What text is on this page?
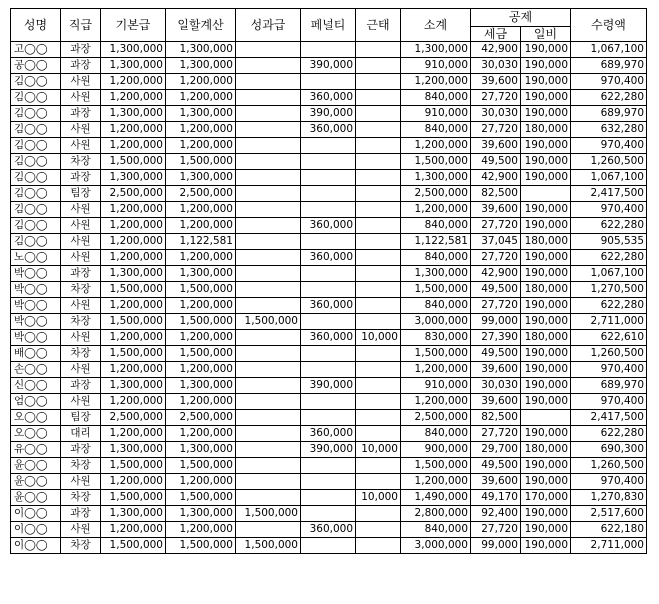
성명	직급	기본급	일할계산	성과급	페널티	근태	소계	공제		수령액
								세금	일비	
고◯◯	과장	1,300,000	1,300,000				1,300,000	42,900	190,000	1,067,100
공◯◯	과장	1,300,000	1,300,000		390,000		910,000	30,030	190,000	689,970
김◯◯	사원	1,200,000	1,200,000				1,200,000	39,600	190,000	970,400
김◯◯	사원	1,200,000	1,200,000		360,000		840,000	27,720	190,000	622,280
김◯◯	과장	1,300,000	1,300,000		390,000		910,000	30,030	190,000	689,970
김◯◯	사원	1,200,000	1,200,000		360,000		840,000	27,720	180,000	632,280
김◯◯	사원	1,200,000	1,200,000				1,200,000	39,600	190,000	970,400
김◯◯	차장	1,500,000	1,500,000				1,500,000	49,500	190,000	1,260,500
김◯◯	과장	1,300,000	1,300,000				1,300,000	42,900	190,000	1,067,100
김◯◯	팀장	2,500,000	2,500,000				2,500,000	82,500		2,417,500
김◯◯	사원	1,200,000	1,200,000				1,200,000	39,600	190,000	970,400
김◯◯	사원	1,200,000	1,200,000		360,000		840,000	27,720	190,000	622,280
김◯◯	사원	1,200,000	1,122,581				1,122,581	37,045	180,000	905,535
노◯◯	사원	1,200,000	1,200,000		360,000		840,000	27,720	190,000	622,280
박◯◯	과장	1,300,000	1,300,000				1,300,000	42,900	190,000	1,067,100
박◯◯	차장	1,500,000	1,500,000				1,500,000	49,500	180,000	1,270,500
박◯◯	사원	1,200,000	1,200,000		360,000		840,000	27,720	190,000	622,280
박◯◯	차장	1,500,000	1,500,000	1,500,000			3,000,000	99,000	190,000	2,711,000
박◯◯	사원	1,200,000	1,200,000		360,000	10,000	830,000	27,390	180,000	622,610
배◯◯	차장	1,500,000	1,500,000				1,500,000	49,500	190,000	1,260,500
손◯◯	사원	1,200,000	1,200,000				1,200,000	39,600	190,000	970,400
신◯◯	과장	1,300,000	1,300,000		390,000		910,000	30,030	190,000	689,970
엄◯◯	사원	1,200,000	1,200,000				1,200,000	39,600	190,000	970,400
오◯◯	팀장	2,500,000	2,500,000				2,500,000	82,500		2,417,500
오◯◯	대리	1,200,000	1,200,000		360,000		840,000	27,720	190,000	622,280
유◯◯	과장	1,300,000	1,300,000		390,000	10,000	900,000	29,700	180,000	690,300
윤◯◯	차장	1,500,000	1,500,000				1,500,000	49,500	190,000	1,260,500
윤◯◯	사원	1,200,000	1,200,000				1,200,000	39,600	190,000	970,400
윤◯◯	차장	1,500,000	1,500,000			10,000	1,490,000	49,170	170,000	1,270,830
이◯◯	과장	1,300,000	1,300,000	1,500,000			2,800,000	92,400	190,000	2,517,600
이◯◯	사원	1,200,000	1,200,000		360,000		840,000	27,720	190,000	622,180
이◯◯	차장	1,500,000	1,500,000	1,500,000			3,000,000	99,000	190,000	2,711,000
